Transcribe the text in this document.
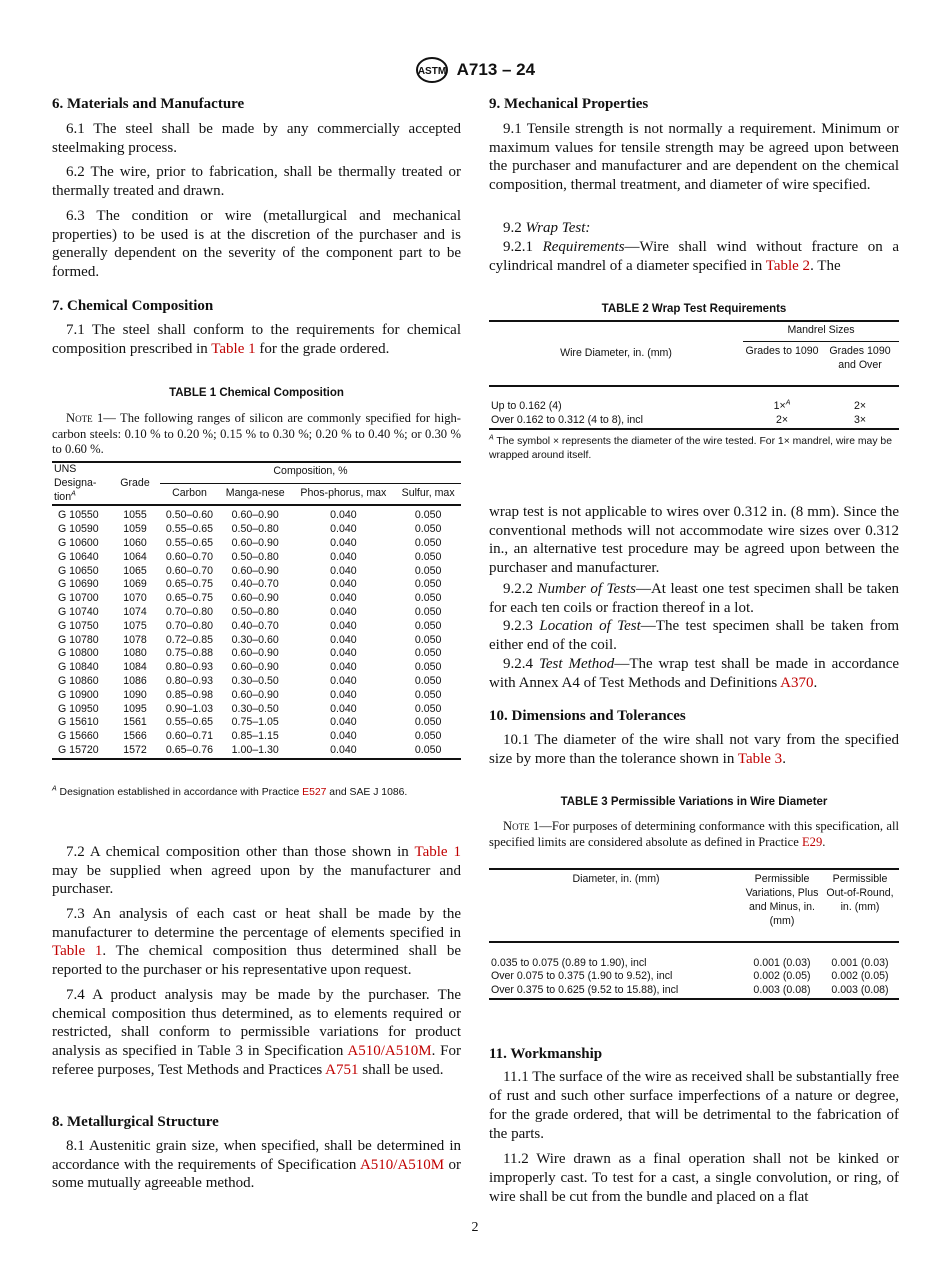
ASTM A713 – 24
6. Materials and Manufacture
6.1 The steel shall be made by any commercially accepted steelmaking process.
6.2 The wire, prior to fabrication, shall be thermally treated or thermally treated and drawn.
6.3 The condition or wire (metallurgical and mechanical properties) to be used is at the discretion of the purchaser and is generally dependent on the severity of the component part to be formed.
7. Chemical Composition
7.1 The steel shall conform to the requirements for chemical composition prescribed in Table 1 for the grade ordered.
TABLE 1 Chemical Composition
Note 1— The following ranges of silicon are commonly specified for high-carbon steels: 0.10 % to 0.20 %; 0.15 % to 0.30 %; 0.20 % to 0.40 %; or 0.30 % to 0.60 %.
UNS Designa-tion$^A$	Grade	Composition, %			
		Carbon	Manga-nese	Phos-phorus, max	Sulfur, max
G 10550	1055	0.50–0.60	0.60–0.90	0.040	0.050
G 10590	1059	0.55–0.65	0.50–0.80	0.040	0.050
G 10600	1060	0.55–0.65	0.60–0.90	0.040	0.050
G 10640	1064	0.60–0.70	0.50–0.80	0.040	0.050
G 10650	1065	0.60–0.70	0.60–0.90	0.040	0.050
G 10690	1069	0.65–0.75	0.40–0.70	0.040	0.050
G 10700	1070	0.65–0.75	0.60–0.90	0.040	0.050
G 10740	1074	0.70–0.80	0.50–0.80	0.040	0.050
G 10750	1075	0.70–0.80	0.40–0.70	0.040	0.050
G 10780	1078	0.72–0.85	0.30–0.60	0.040	0.050
G 10800	1080	0.75–0.88	0.60–0.90	0.040	0.050
G 10840	1084	0.80–0.93	0.60–0.90	0.040	0.050
G 10860	1086	0.80–0.93	0.30–0.50	0.040	0.050
G 10900	1090	0.85–0.98	0.60–0.90	0.040	0.050
G 10950	1095	0.90–1.03	0.30–0.50	0.040	0.050
G 15610	1561	0.55–0.65	0.75–1.05	0.040	0.050
G 15660	1566	0.60–0.71	0.85–1.15	0.040	0.050
G 15720	1572	0.65–0.76	1.00–1.30	0.040	0.050
$^A$ Designation established in accordance with Practice E527 and SAE J 1086.
7.2 A chemical composition other than those shown in Table 1 may be supplied when agreed upon by the manufacturer and purchaser.
7.3 An analysis of each cast or heat shall be made by the manufacturer to determine the percentage of elements specified in Table 1. The chemical composition thus determined shall be reported to the purchaser or his representative upon request.
7.4 A product analysis may be made by the purchaser. The chemical composition thus determined, as to elements required or restricted, shall conform to permissible variations for product analysis as specified in Table 3 in Specification A510/A510M. For referee purposes, Test Methods and Practices A751 shall be used.
8. Metallurgical Structure
8.1 Austenitic grain size, when specified, shall be determined in accordance with the requirements of Specification A510/A510M or some mutually agreeable method.
9. Mechanical Properties
9.1 Tensile strength is not normally a requirement. Minimum or maximum values for tensile strength may be agreed upon between the purchaser and manufacturer and are dependent on the chemical composition, thermal treatment, and diameter of wire specified.
9.2 Wrap Test:
9.2.1 Requirements—Wire shall wind without fracture on a cylindrical mandrel of a diameter specified in Table 2. The
TABLE 2 Wrap Test Requirements
Wire Diameter, in. (mm)	Mandrel Sizes	
	Grades to 1090	Grades 1090 and Over
Up to 0.162 (4)	1×$^A$	2×
Over 0.162 to 0.312 (4 to 8), incl	2×	3×
$^A$ The symbol × represents the diameter of the wire tested. For 1× mandrel, wire may be wrapped around itself.
wrap test is not applicable to wires over 0.312 in. (8 mm). Since the conventional methods will not accommodate wire sizes over 0.312 in., an alternative test procedure may be agreed upon between the purchaser and manufacturer.
9.2.2 Number of Tests—At least one test specimen shall be taken for each ten coils or fraction thereof in a lot.
9.2.3 Location of Test—The test specimen shall be taken from either end of the coil.
9.2.4 Test Method—The wrap test shall be made in accordance with Annex A4 of Test Methods and Definitions A370.
10. Dimensions and Tolerances
10.1 The diameter of the wire shall not vary from the specified size by more than the tolerance shown in Table 3.
TABLE 3 Permissible Variations in Wire Diameter
Note 1—For purposes of determining conformance with this specification, all specified limits are considered absolute as defined in Practice E29.
Diameter, in. (mm)	Permissible Variations, Plus and Minus, in. (mm)	Permissible Out-of-Round, in. (mm)
0.035 to 0.075 (0.89 to 1.90), incl	0.001 (0.03)	0.001 (0.03)
Over 0.075 to 0.375 (1.90 to 9.52), incl	0.002 (0.05)	0.002 (0.05)
Over 0.375 to 0.625 (9.52 to 15.88), incl	0.003 (0.08)	0.003 (0.08)
11. Workmanship
11.1 The surface of the wire as received shall be substantially free of rust and such other surface imperfections of a nature or degree, for the grade ordered, that will be detrimental to the fabrication of the parts.
11.2 Wire drawn as a final operation shall not be kinked or improperly cast. To test for a cast, a single convolution, or ring, of wire shall be cut from the bundle and placed on a flat
2
